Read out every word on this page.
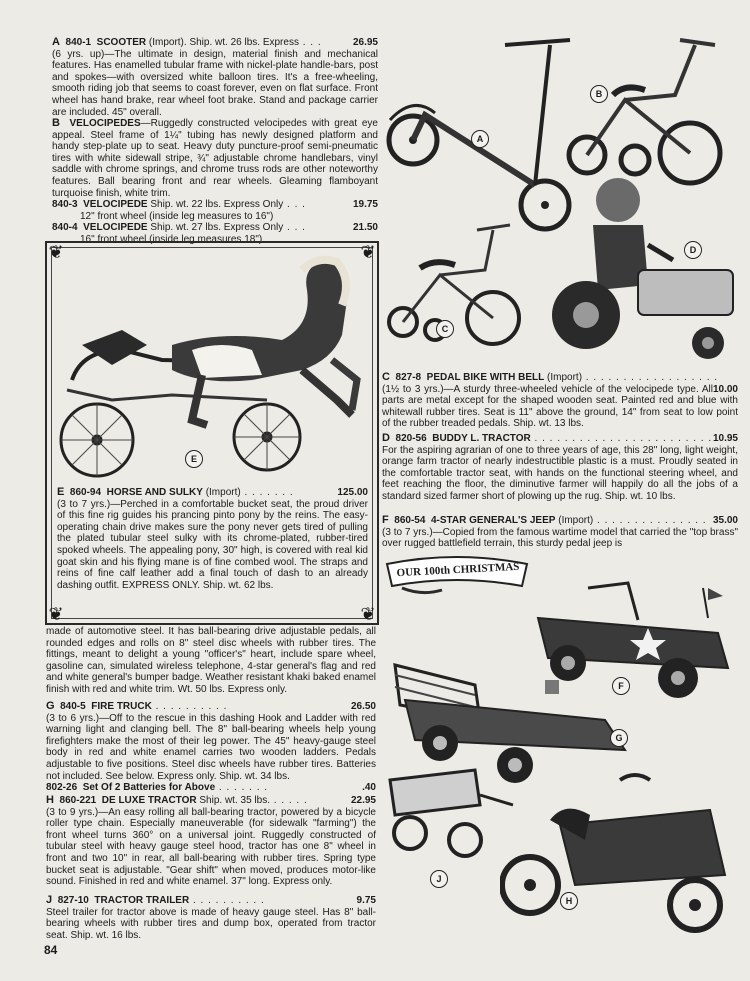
A 840-1 SCOOTER (Import). Ship. wt. 26 lbs. Express . . .	26.95

(6 yrs. up)—The ultimate in design, material finish and mechanical features. Has enamelled tubular frame with nickel-plate handle-bars, post and spokes—with oversized white balloon tires. It's a free-wheeling, smooth riding job that seems to coast forever, even on flat surface. Front wheel has hand brake, rear wheel foot brake. Stand and package carrier are included. 45" overall.

B VELOCIPEDES—Ruggedly constructed velocipedes with great eye appeal. Steel frame of 1¼" tubing has newly designed platform and handy step-plate up to seat. Heavy duty puncture-proof semi-pneumatic tires with white sidewall stripe, ¾" adjustable chrome handlebars, vinyl saddle with chrome springs, and chrome truss rods are other noteworthy features. Ball bearing front and rear wheels. Gleaming flamboyant turquoise finish, white trim.

840-3 VELOCIPEDE Ship. wt. 22 lbs. Express Only . . .	19.75

12" front wheel (inside leg measures to 16")

840-4 VELOCIPEDE Ship. wt. 27 lbs. Express Only . . .	21.50

16" front wheel (inside leg measures 18")

❦	❦
❦	❦
E

E 860-94 HORSE AND SULKY (Import) . . . . . . .	125.00

(3 to 7 yrs.)—Perched in a comfortable bucket seat, the proud driver of this fine rig guides his prancing pinto pony by the reins. The easy-operating chain drive makes sure the pony never gets tired of pulling the plated tubular steel sulky with its chrome-plated, rubber-tired spoked wheels. The appealing pony, 30" high, is covered with real kid goat skin and his flying mane is of fine combed wool. The straps and reins of fine calf leather add a final touch of dash to an already dashing outfit. EXPRESS ONLY. Ship. wt. 62 lbs.

made of automotive steel. It has ball-bearing drive adjustable pedals, all rounded edges and rolls on 8" steel disc wheels with rubber tires. The fittings, meant to delight a young "officer's" heart, include spare wheel, gasoline can, simulated wireless telephone, 4-star general's flag and red and white general's bumper badge. Weather resistant khaki baked enamel finish with red and white trim. Wt. 50 lbs. Express only.

G 840-5 FIRE TRUCK . . . . . . . . . .	26.50

(3 to 6 yrs.)—Off to the rescue in this dashing Hook and Ladder with red warning light and clanging bell. The 8" ball-bearing wheels help young firefighters make the most of their leg power. The 45" heavy-gauge steel body in red and white enamel carries two wooden ladders. Pedals adjustable to five positions. Steel disc wheels have rubber tires. Batteries not included. See below. Express only. Ship. wt. 34 lbs.

802-26 Set Of 2 Batteries for Above . . . . . . .	.40

H 860-221 DE LUXE TRACTOR Ship. wt. 35 lbs. . . . . .	22.95

(3 to 9 yrs.)—An easy rolling all ball-bearing tractor, powered by a bicycle roller type chain. Especially maneuverable (for sidewalk "farming") the front wheel turns 360° on a universal joint. Ruggedly constructed of tubular steel with heavy gauge steel hood, tractor has one 8" wheel in front and two 10" in rear, all ball-bearing with rubber tires. Spring type bucket seat is adjustable. "Gear shift" when moved, produces motor-like sound. Finished in red and white enamel. 37" long. Express only.

J 827-10 TRACTOR TRAILER . . . . . . . . . .	9.75

Steel trailer for tractor above is made of heavy gauge steel. Has 8" ball-bearing wheels with rubber tires and dump box, operated from tractor seat. Ship. wt. 16 lbs.

84
A
B
D
C

C 827-8 PEDAL BIKE WITH BELL (Import) . . . . . . . . . . . . . . . . . .
10.00

(1½ to 3 yrs.)—A sturdy three-wheeled vehicle of the velocipede type. All parts are metal except for the shaped wooden seat. Painted red and blue with whitewall rubber tires. Seat is 11" above the ground, 14" from seat to low point of the rubber treaded pedals. Ship. wt. 13 lbs.

D 820-56 BUDDY L. TRACTOR . . . . . . . . . . . . . . . . . . . . . . . . 10.95

For the aspiring agrarian of one to three years of age, this 28" long, light weight, orange farm tractor of nearly indestructible plastic is a must. Proudly seated in the comfortable tractor seat, with hands on the functional steering wheel, and feet reaching the floor, the diminutive farmer will happily do all the jobs of a standard sized farmer short of plowing up the rug. Ship. wt. 10 lbs.

F 860-54 4-STAR GENERAL'S JEEP (Import) . . . . . . . . . . . . . . . 35.00

(3 to 7 yrs.)—Copied from the famous wartime model that carried the "top brass" over rugged battlefield terrain, this sturdy pedal jeep is

OUR 100th CHRISTMAS
F
G
J
H
